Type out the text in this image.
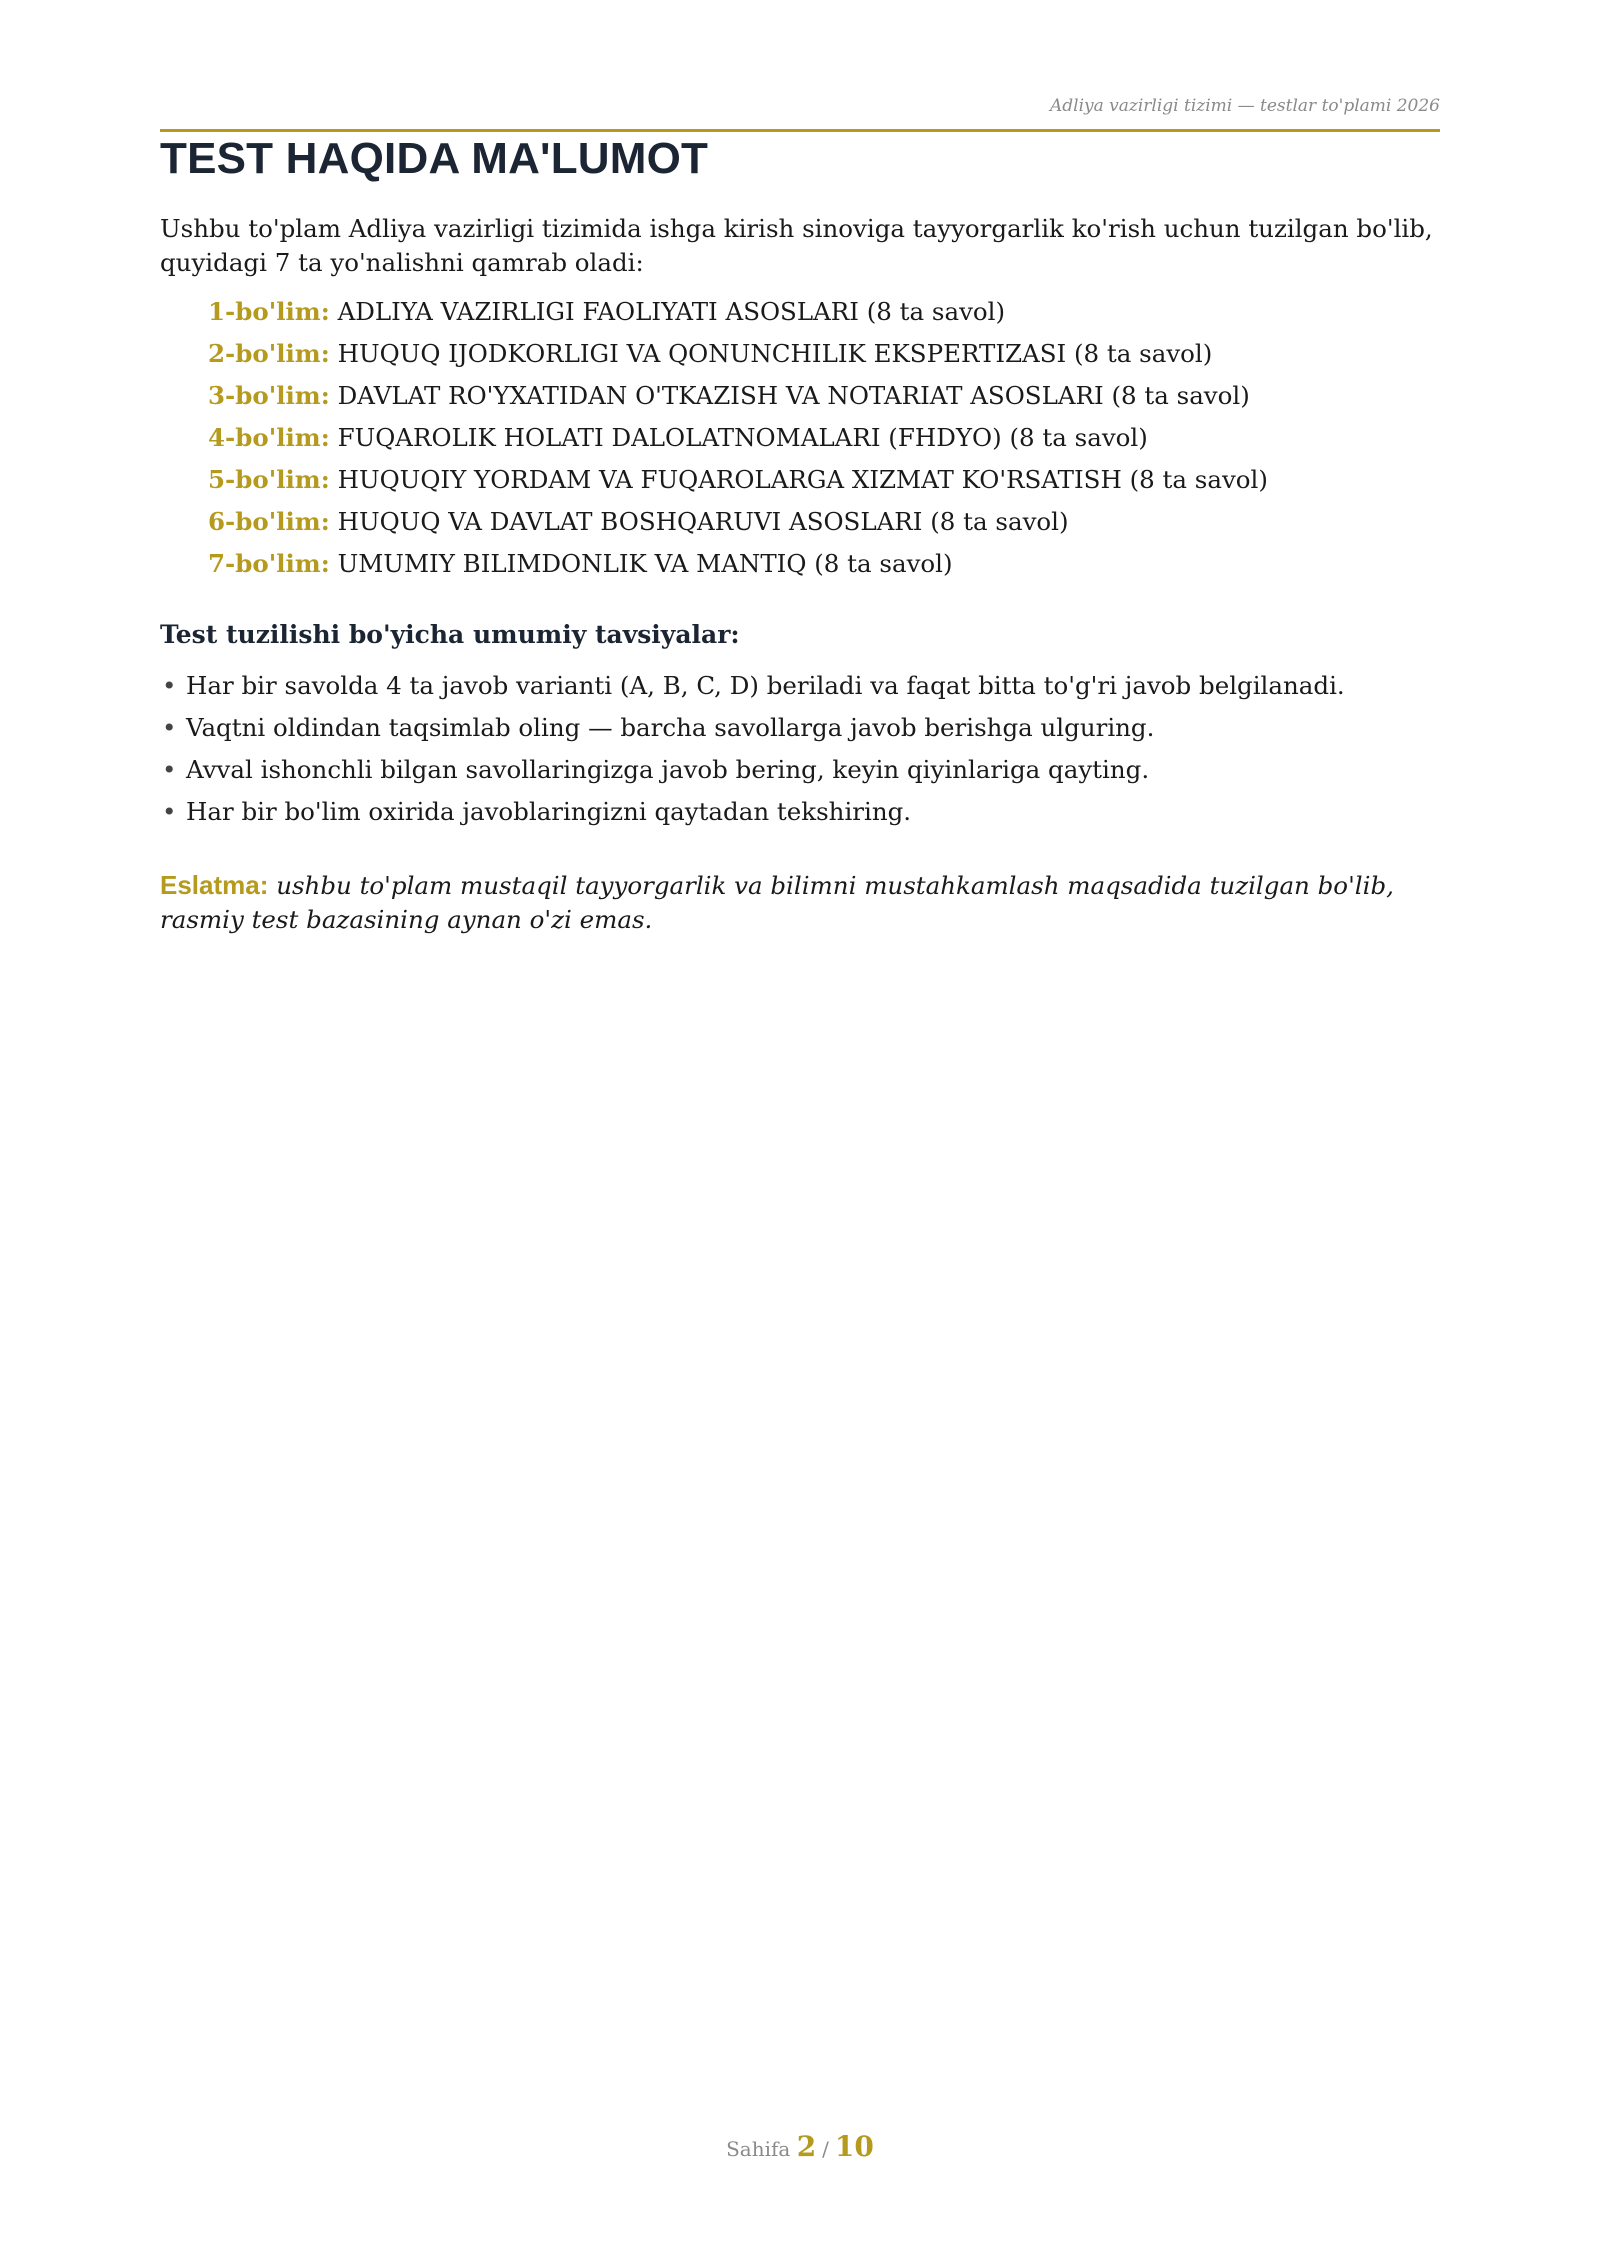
Adliya vazirligi tizimi — testlar to'plami 2026
TEST HAQIDA MA'LUMOT

Ushbu to'plam Adliya vazirligi tizimida ishga kirish sinoviga tayyorgarlik ko'rish uchun tuzilgan bo'lib, quyidagi 7 ta yo'nalishni qamrab oladi:

1-bo'lim: ADLIYA VAZIRLIGI FAOLIYATI ASOSLARI (8 ta savol)
2-bo'lim: HUQUQ IJODKORLIGI VA QONUNCHILIK EKSPERTIZASI (8 ta savol)
3-bo'lim: DAVLAT RO'YXATIDAN O'TKAZISH VA NOTARIAT ASOSLARI (8 ta savol)
4-bo'lim: FUQAROLIK HOLATI DALOLATNOMALARI (FHDYO) (8 ta savol)
5-bo'lim: HUQUQIY YORDAM VA FUQAROLARGA XIZMAT KO'RSATISH (8 ta savol)
6-bo'lim: HUQUQ VA DAVLAT BOSHQARUVI ASOSLARI (8 ta savol)
7-bo'lim: UMUMIY BILIMDONLIK VA MANTIQ (8 ta savol)
Test tuzilishi bo'yicha umumiy tavsiyalar:
• Har bir savolda 4 ta javob varianti (A, B, C, D) beriladi va faqat bitta to'g'ri javob belgilanadi.
• Vaqtni oldindan taqsimlab oling — barcha savollarga javob berishga ulguring.
• Avval ishonchli bilgan savollaringizga javob bering, keyin qiyinlariga qayting.
• Har bir bo'lim oxirida javoblaringizni qaytadan tekshiring.

Eslatma: ushbu to'plam mustaqil tayyorgarlik va bilimni mustahkamlash maqsadida tuzilgan bo'lib, rasmiy test bazasining aynan o'zi emas.

Sahifa 2 / 10
